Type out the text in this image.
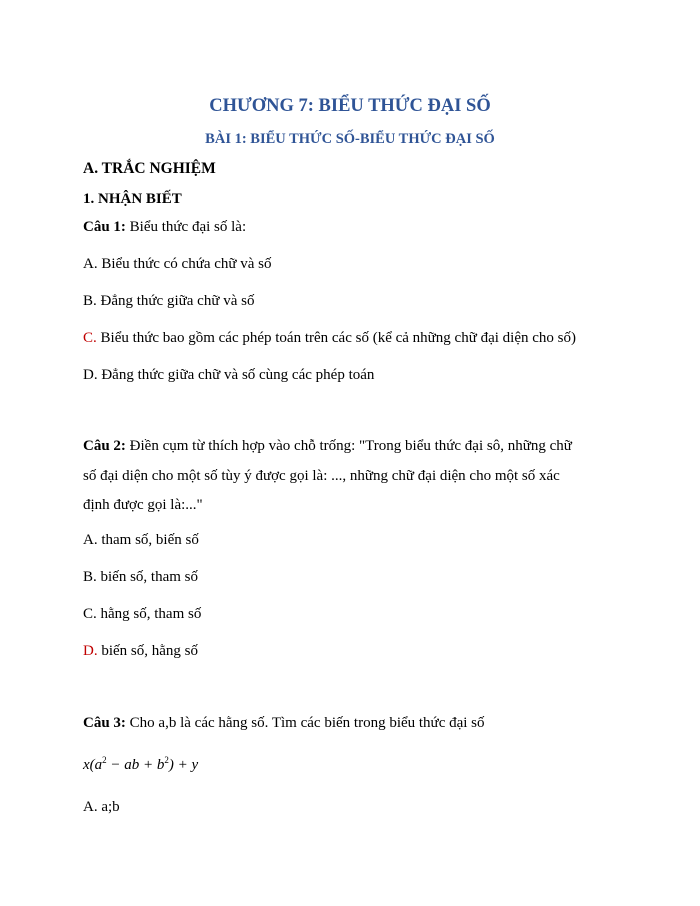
CHƯƠNG 7: BIỂU THỨC ĐẠI SỐ
BÀI 1: BIỂU THỨC SỐ-BIỂU THỨC ĐẠI SỐ
A. TRẮC NGHIỆM
1. NHẬN BIẾT
Câu 1: Biểu thức đại số là:
A. Biểu thức có chứa chữ và số
B. Đẳng thức giữa chữ và số
C. Biểu thức bao gồm các phép toán trên các số (kể cả những chữ đại diện cho số)
D. Đẳng thức giữa chữ và số cùng các phép toán
Câu 2: Điền cụm từ thích hợp vào chỗ trống: "Trong biểu thức đại sô, những chữ
số đại diện cho một số tùy ý được gọi là: ..., những chữ đại diện cho một số xác
định được gọi là:..."
A. tham số, biến số
B. biến số, tham số
C. hằng số, tham số
D. biến số, hằng số
Câu 3: Cho a,b là các hằng số. Tìm các biến trong biểu thức đại số
$x(a^2$ − ab + $b^2) + y$
A. a;b
